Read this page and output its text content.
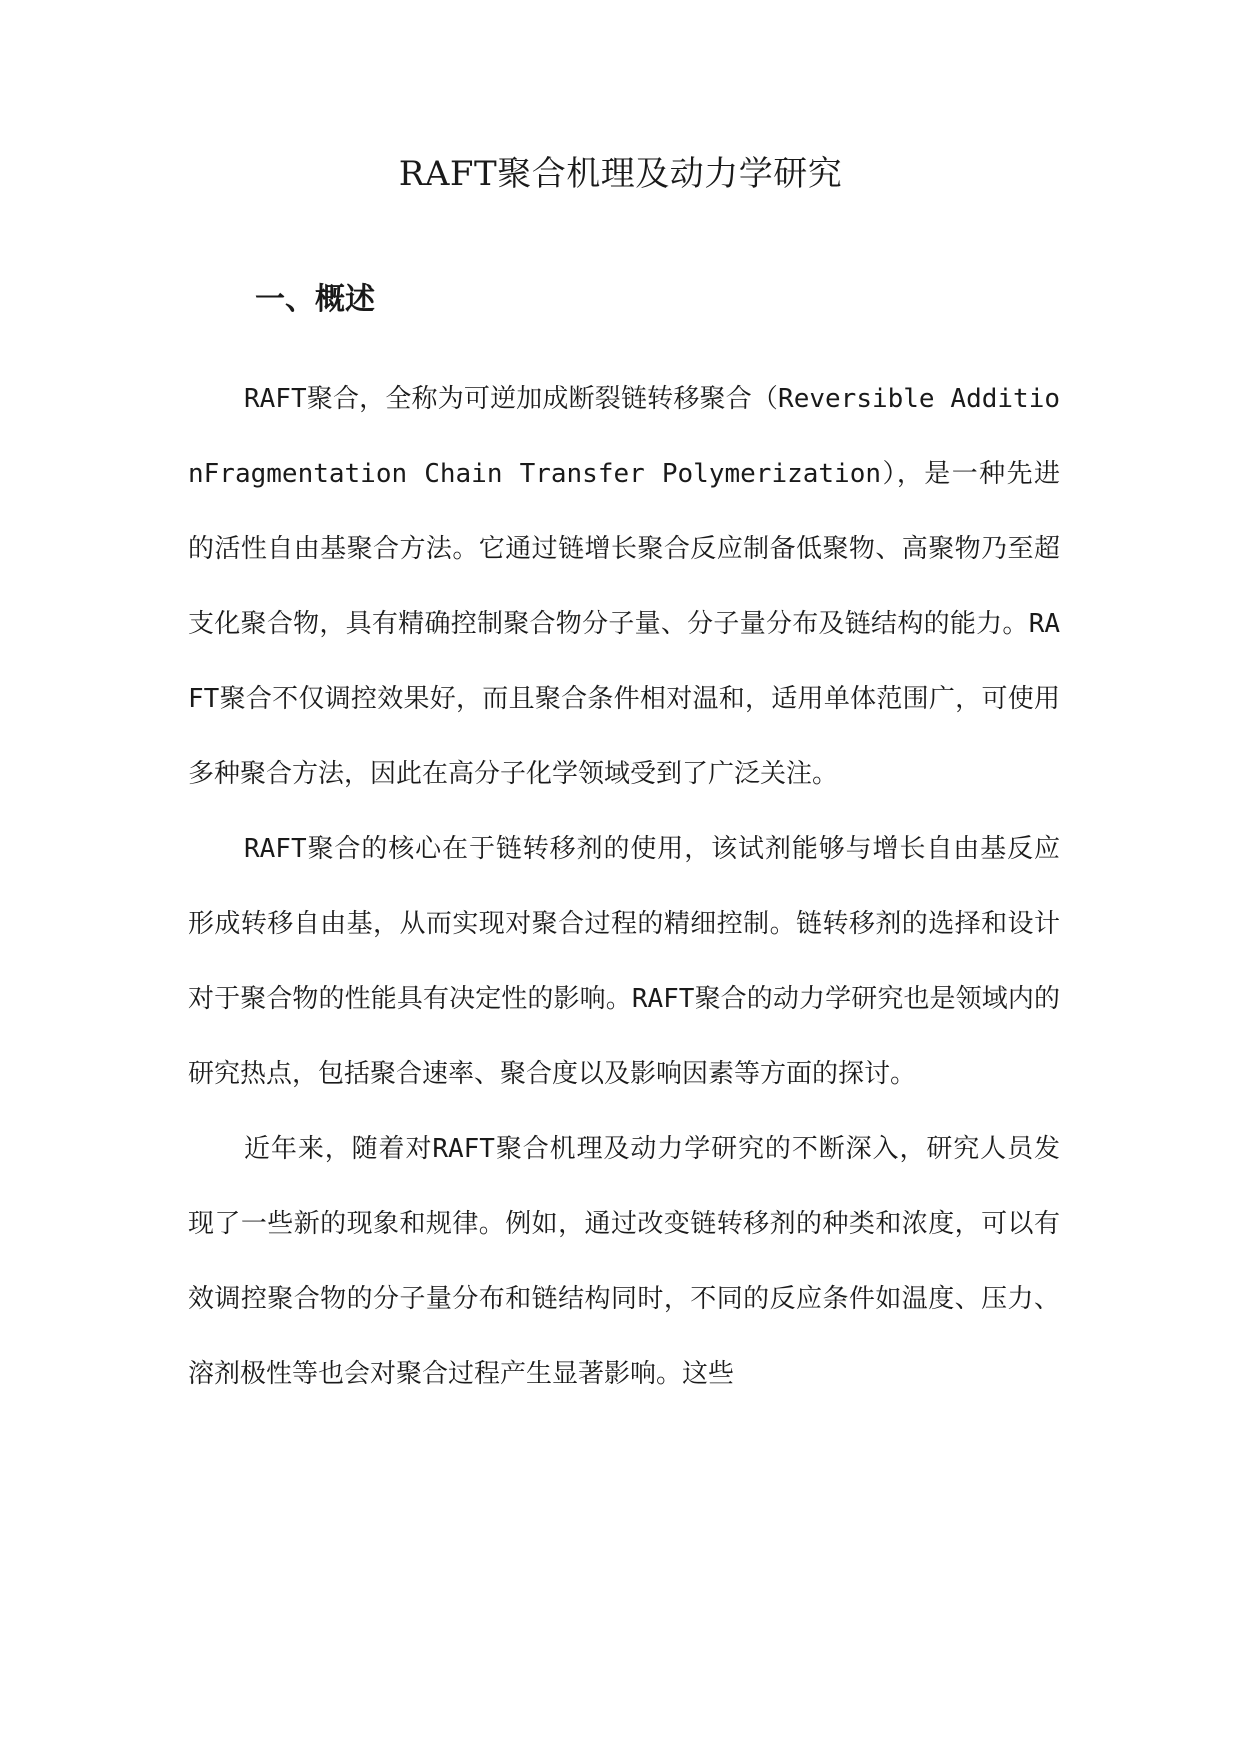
RAFT聚合机理及动力学研究
一、概述

RAFT聚合，全称为可逆加成断裂链转移聚合（Reversible AdditionFragmentation Chain Transfer Polymerization），是一种先进的活性自由基聚合方法。它通过链增长聚合反应制备低聚物、高聚物乃至超支化聚合物，具有精确控制聚合物分子量、分子量分布及链结构的能力。RAFT聚合不仅调控效果好，而且聚合条件相对温和，适用单体范围广，可使用多种聚合方法，因此在高分子化学领域受到了广泛关注。

RAFT聚合的核心在于链转移剂的使用，该试剂能够与增长自由基反应形成转移自由基，从而实现对聚合过程的精细控制。链转移剂的选择和设计对于聚合物的性能具有决定性的影响。RAFT聚合的动力学研究也是领域内的研究热点，包括聚合速率、聚合度以及影响因素等方面的探讨。

近年来，随着对RAFT聚合机理及动力学研究的不断深入，研究人员发现了一些新的现象和规律。例如，通过改变链转移剂的种类和浓度，可以有效调控聚合物的分子量分布和链结构同时，不同的反应条件如温度、压力、溶剂极性等也会对聚合过程产生显著影响。这些
